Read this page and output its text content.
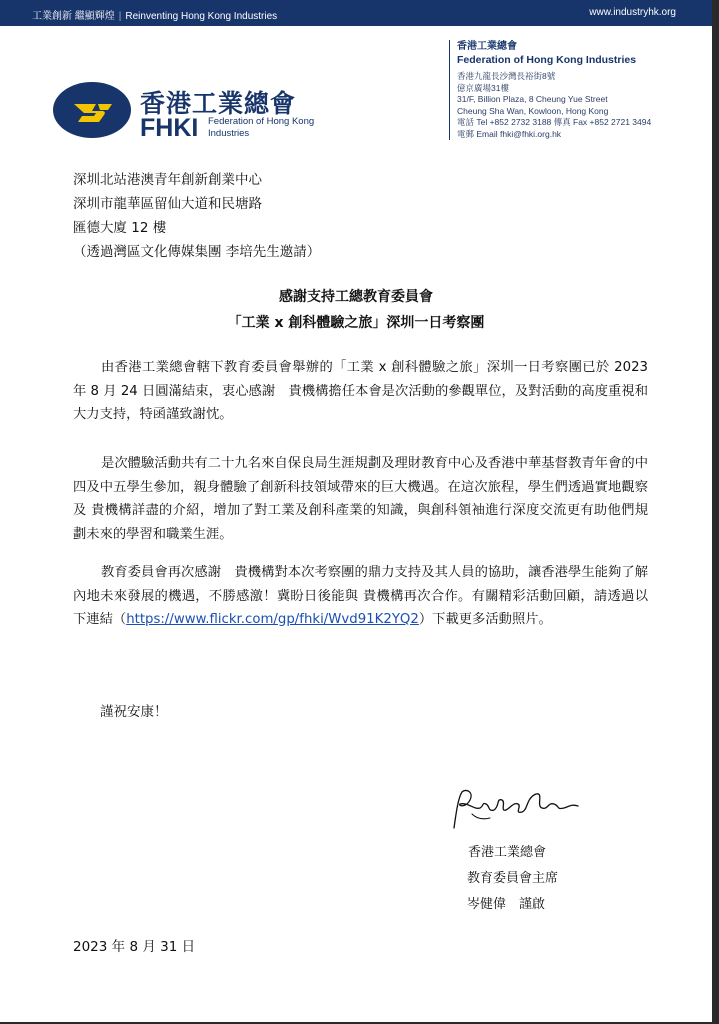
工業創新 繼顯輝煌 | Reinventing Hong Kong Industries	www.industryhk.org
香港工業總會
FHKI Federation of Hong Kong Industries
香港工業總會
Federation of Hong Kong Industries
香港九龍長沙灣長裕街8號
億京廣場31樓
31/F, Billion Plaza, 8 Cheung Yue Street
Cheung Sha Wan, Kowloon, Hong Kong
電話 Tel +852 2732 3188 傳真 Fax +852 2721 3494
電郵 Email fhki@fhki.org.hk
深圳北站港澳青年創新創業中心
深圳市龍華區留仙大道和民塘路
匯德大廈 12 樓
（透過灣區文化傳媒集團 李培先生邀請）
感謝支持工總教育委員會
「工業 x 創科體驗之旅」深圳一日考察團
由香港工業總會轄下教育委員會舉辦的「工業 x 創科體驗之旅」深圳一日考察團已於 2023 年 8 月 24 日圓滿結束，衷心感謝　貴機構擔任本會是次活動的參觀單位，及對活動的高度重視和大力支持，特函謹致謝忱。
是次體驗活動共有二十九名來自保良局生涯規劃及理財教育中心及香港中華基督教青年會的中四及中五學生參加，親身體驗了創新科技領域帶來的巨大機遇。在這次旅程，學生們透過實地觀察及 貴機構詳盡的介紹，增加了對工業及創科產業的知識，與創科領袖進行深度交流更有助他們規劃未來的學習和職業生涯。
教育委員會再次感謝　貴機構對本次考察團的鼎力支持及其人員的協助，讓香港學生能夠了解內地未來發展的機遇，不勝感激！冀盼日後能與 貴機構再次合作。有關精彩活動回顧，請透過以下連結（https://www.flickr.com/gp/fhki/Wvd91K2YQ2）下載更多活動照片。
謹祝安康！
香港工業總會
教育委員會主席
岑健偉　謹啟
2023 年 8 月 31 日
